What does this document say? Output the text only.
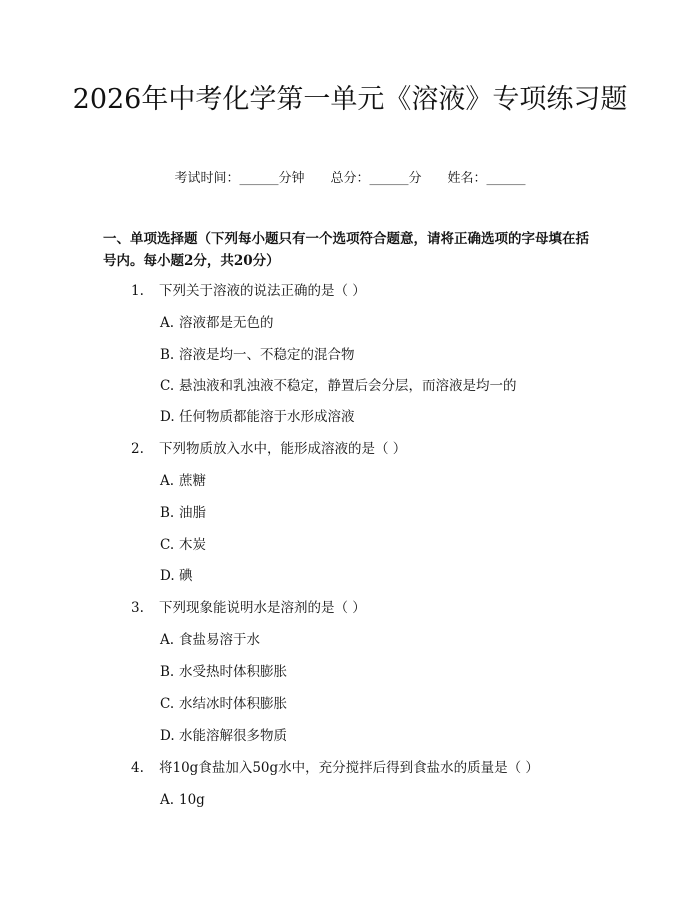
2026年中考化学第一单元《溶液》专项练习题
考试时间：______分钟 总分：______分 姓名：______
一、单项选择题（下列每小题只有一个选项符合题意，请将正确选项的字母填在括号内。每小题2分，共20分）
1. 下列关于溶液的说法正确的是（ ）
A. 溶液都是无色的
B. 溶液是均一、不稳定的混合物
C. 悬浊液和乳浊液不稳定，静置后会分层，而溶液是均一的
D. 任何物质都能溶于水形成溶液
2. 下列物质放入水中，能形成溶液的是（ ）
A. 蔗糖
B. 油脂
C. 木炭
D. 碘
3. 下列现象能说明水是溶剂的是（ ）
A. 食盐易溶于水
B. 水受热时体积膨胀
C. 水结冰时体积膨胀
D. 水能溶解很多物质
4. 将10g食盐加入50g水中，充分搅拌后得到食盐水的质量是（ ）
A. 10g
